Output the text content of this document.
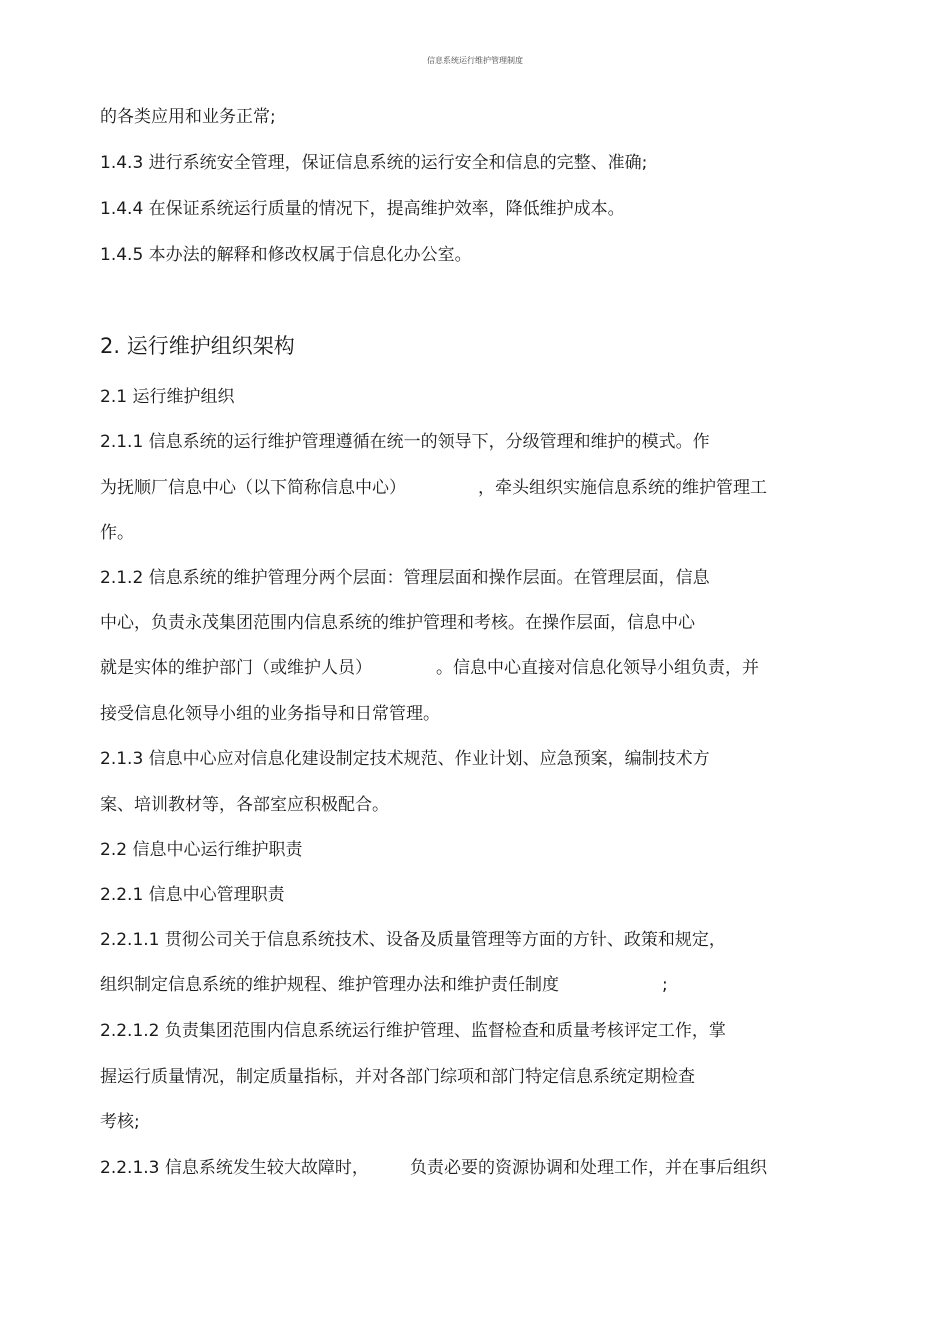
信息系统运行维护管理制度
的各类应用和业务正常;
1.4.3 进行系统安全管理，保证信息系统的运行安全和信息的完整、准确;
1.4.4 在保证系统运行质量的情况下，提高维护效率，降低维护成本。
1.4.5 本办法的解释和修改权属于信息化办公室。
2. 运行维护组织架构
2.1 运行维护组织
2.1.1 信息系统的运行维护管理遵循在统一的领导下，分级管理和维护的模式。作
为抚顺厂信息中心（以下简称信息中心）	，牵头组织实施信息系统的维护管理工
作。
2.1.2 信息系统的维护管理分两个层面：管理层面和操作层面。在管理层面，信息
中心，负责永茂集团范围内信息系统的维护管理和考核。在操作层面，信息中心
就是实体的维护部门（或维护人员）	。信息中心直接对信息化领导小组负责，并
接受信息化领导小组的业务指导和日常管理。
2.1.3 信息中心应对信息化建设制定技术规范、作业计划、应急预案，编制技术方
案、培训教材等，各部室应积极配合。
2.2 信息中心运行维护职责
2.2.1 信息中心管理职责
2.2.1.1 贯彻公司关于信息系统技术、设备及质量管理等方面的方针、政策和规定，
组织制定信息系统的维护规程、维护管理办法和维护责任制度	;
2.2.1.2 负责集团范围内信息系统运行维护管理、监督检查和质量考核评定工作，掌
握运行质量情况，制定质量指标，并对各部门综项和部门特定信息系统定期检查
考核;
2.2.1.3 信息系统发生较大故障时， 负责必要的资源协调和处理工作，并在事后组织
